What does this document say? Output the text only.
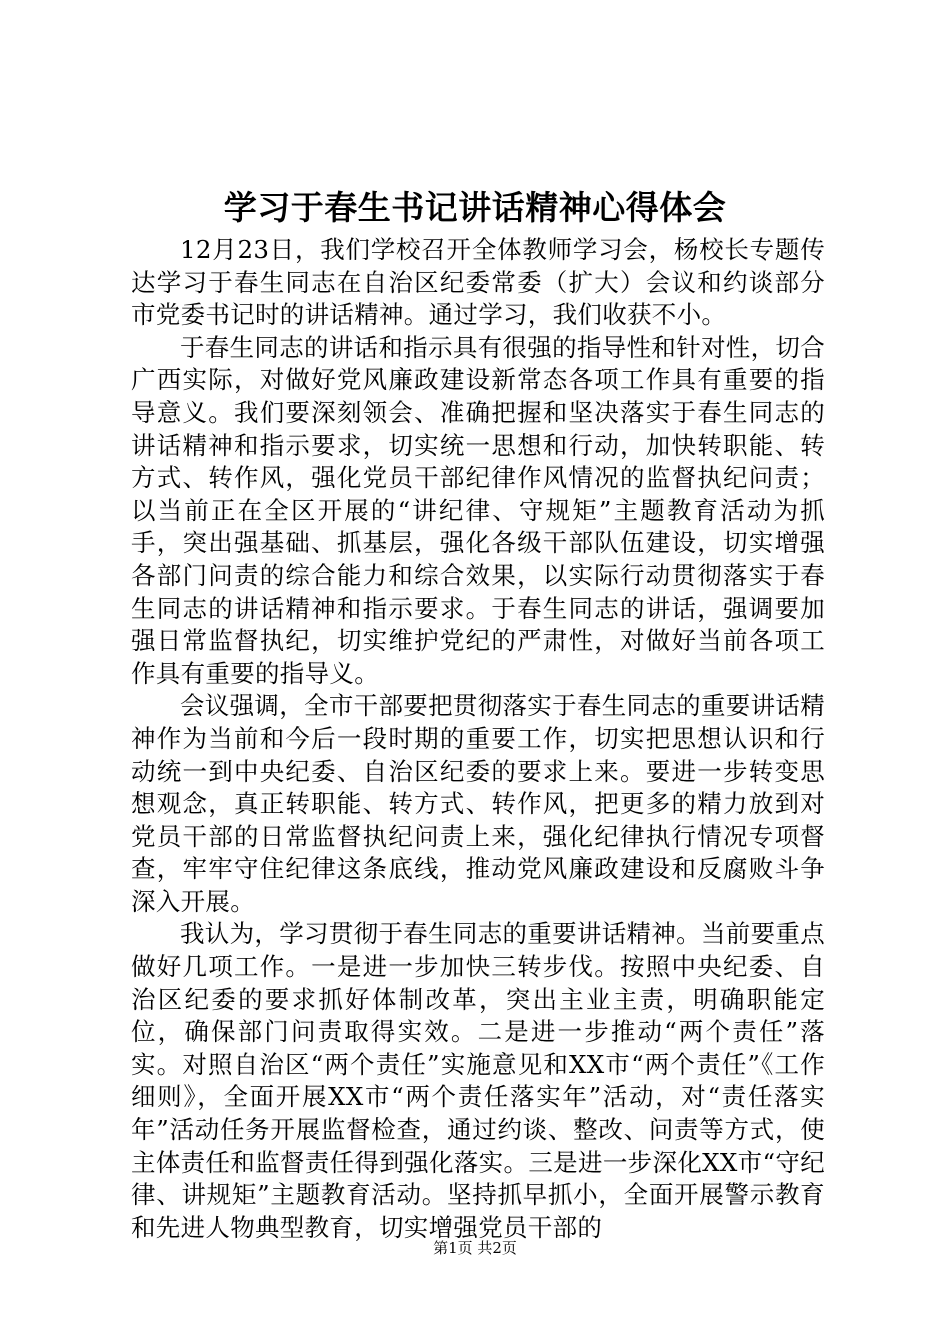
学习于春生书记讲话精神心得体会

12月23日，我们学校召开全体教师学习会，杨校长专题传达学习于春生同志在自治区纪委常委（扩大）会议和约谈部分市党委书记时的讲话精神。通过学习，我们收获不小。

于春生同志的讲话和指示具有很强的指导性和针对性，切合广西实际，对做好党风廉政建设新常态各项工作具有重要的指导意义。我们要深刻领会、准确把握和坚决落实于春生同志的讲话精神和指示要求，切实统一思想和行动，加快转职能、转方式、转作风，强化党员干部纪律作风情况的监督执纪问责；以当前正在全区开展的“讲纪律、守规矩”主题教育活动为抓手，突出强基础、抓基层，强化各级干部队伍建设，切实增强各部门问责的综合能力和综合效果，以实际行动贯彻落实于春生同志的讲话精神和指示要求。于春生同志的讲话，强调要加强日常监督执纪，切实维护党纪的严肃性，对做好当前各项工作具有重要的指导义。

会议强调，全市干部要把贯彻落实于春生同志的重要讲话精神作为当前和今后一段时期的重要工作，切实把思想认识和行动统一到中央纪委、自治区纪委的要求上来。要进一步转变思想观念，真正转职能、转方式、转作风，把更多的精力放到对党员干部的日常监督执纪问责上来，强化纪律执行情况专项督查，牢牢守住纪律这条底线，推动党风廉政建设和反腐败斗争深入开展。

我认为，学习贯彻于春生同志的重要讲话精神。当前要重点做好几项工作。一是进一步加快三转步伐。按照中央纪委、自治区纪委的要求抓好体制改革，突出主业主责，明确职能定位，确保部门问责取得实效。二是进一步推动“两个责任”落实。对照自治区“两个责任”实施意见和XX市“两个责任”《工作细则》，全面开展XX市“两个责任落实年”活动，对“责任落实年”活动任务开展监督检查，通过约谈、整改、问责等方式，使主体责任和监督责任得到强化落实。三是进一步深化XX市“守纪律、讲规矩”主题教育活动。坚持抓早抓小，全面开展警示教育和先进人物典型教育，切实增强党员干部的

第1页 共2页
